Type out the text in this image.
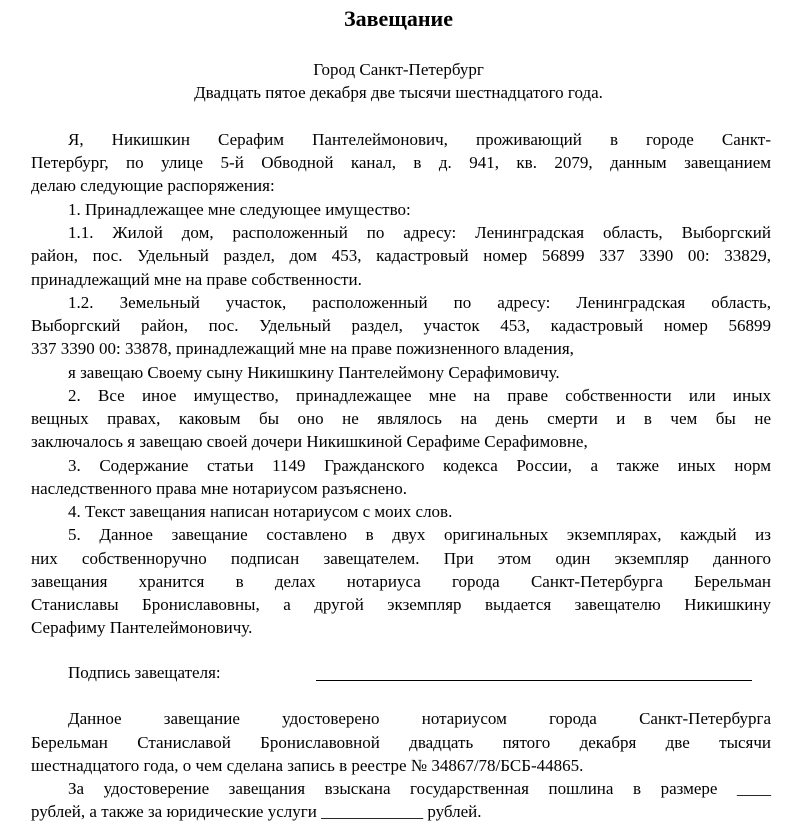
Завещание
Город Санкт-Петербург
Двадцать пятое декабря две тысячи шестнадцатого года.
Я, Никишкин Серафим Пантелеймонович, проживающий в городе Санкт-
Петербург, по улице 5-й Обводной канал, в д. 941, кв. 2079, данным завещанием
делаю следующие распоряжения:
1. Принадлежащее мне следующее имущество:
1.1. Жилой дом, расположенный по адресу: Ленинградская область, Выборгский
район, пос. Удельный раздел, дом 453, кадастровый номер 56899 337 3390 00: 33829,
принадлежащий мне на праве собственности.
1.2. Земельный участок, расположенный по адресу: Ленинградская область,
Выборгский район, пос. Удельный раздел, участок 453, кадастровый номер 56899
337 3390 00: 33878, принадлежащий мне на праве пожизненного владения,
я завещаю Своему сыну Никишкину Пантелеймону Серафимовичу.
2. Все иное имущество, принадлежащее мне на праве собственности или иных
вещных правах, каковым бы оно не являлось на день смерти и в чем бы не
заключалось я завещаю своей дочери Никишкиной Серафиме Серафимовне,
3. Содержание статьи 1149 Гражданского кодекса России, а также иных норм
наследственного права мне нотариусом разъяснено.
4. Текст завещания написан нотариусом с моих слов.
5. Данное завещание составлено в двух оригинальных экземплярах, каждый из
них собственноручно подписан завещателем. При этом один экземпляр данного
завещания хранится в делах нотариуса города Санкт-Петербурга Берельман
Станиславы Брониславовны, а другой экземпляр выдается завещателю Никишкину
Серафиму Пантелеймоновичу.
Подпись завещателя:
Данное завещание удостоверено нотариусом города Санкт-Петербурга
Берельман Станиславой Брониславовной двадцать пятого декабря две тысячи
шестнадцатого года, о чем сделана запись в реестре № 34867/78/БСБ-44865.
За удостоверение завещания взыскана государственная пошлина в размере ____
рублей, а также за юридические услуги ____________ рублей.
